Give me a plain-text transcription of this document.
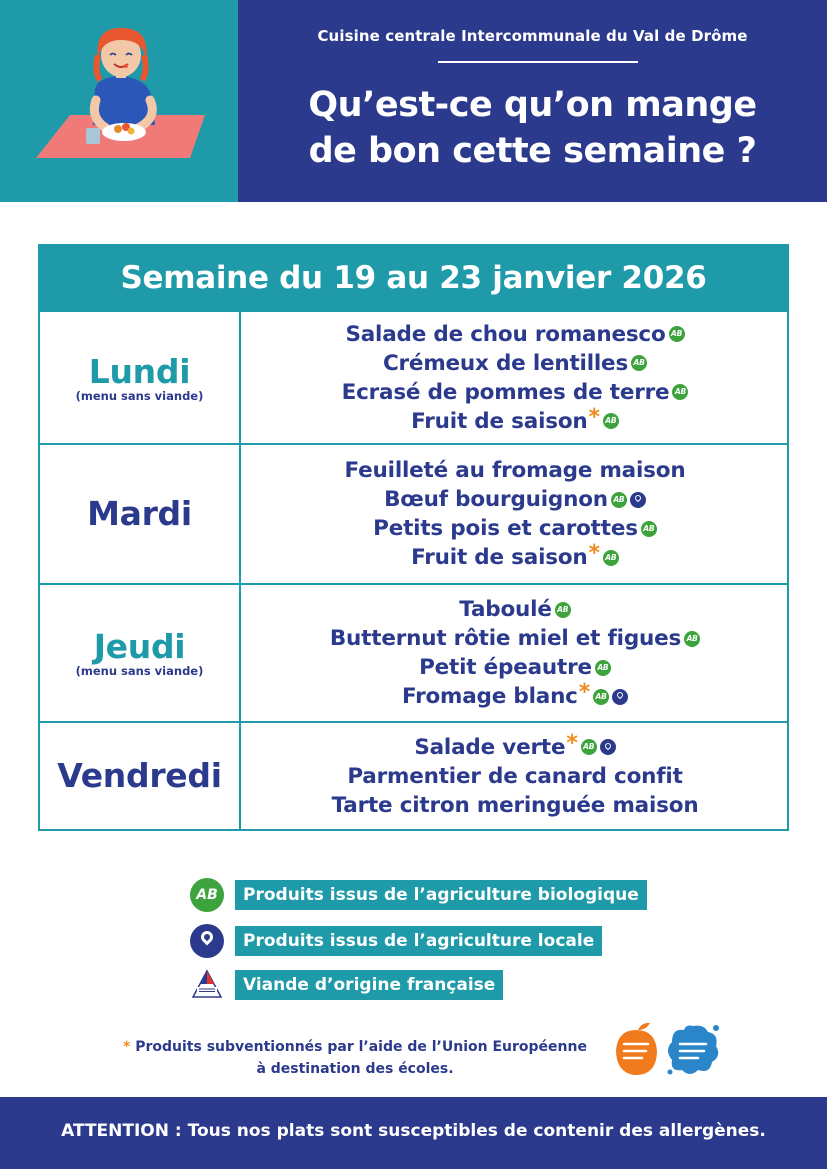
Cuisine centrale Intercommunale du Val de Drôme
Qu’est-ce qu’on mange
de bon cette semaine ?
Semaine du 19 au 23 janvier 2026
Lundi
(menu sans viande)
Salade de chou romanesco AB
Crémeux de lentilles AB
Ecrasé de pommes de terre AB
Fruit de saison * AB
Mardi
Feuilleté au fromage maison
Bœuf bourguignon AB
Petits pois et carottes AB
Fruit de saison * AB
Jeudi
(menu sans viande)
Taboulé AB
Butternut rôtie miel et figues AB
Petit épeautre AB
Fromage blanc * AB
Vendredi
Salade verte * AB
Parmentier de canard confit
Tarte citron meringuée maison
AB	Produits issus de l’agriculture biologique
Produits issus de l’agriculture locale
Viande d’origine française
* Produits subventionnés par l’aide de l’Union Européenne
à destination des écoles.
ATTENTION : Tous nos plats sont susceptibles de contenir des allergènes.
